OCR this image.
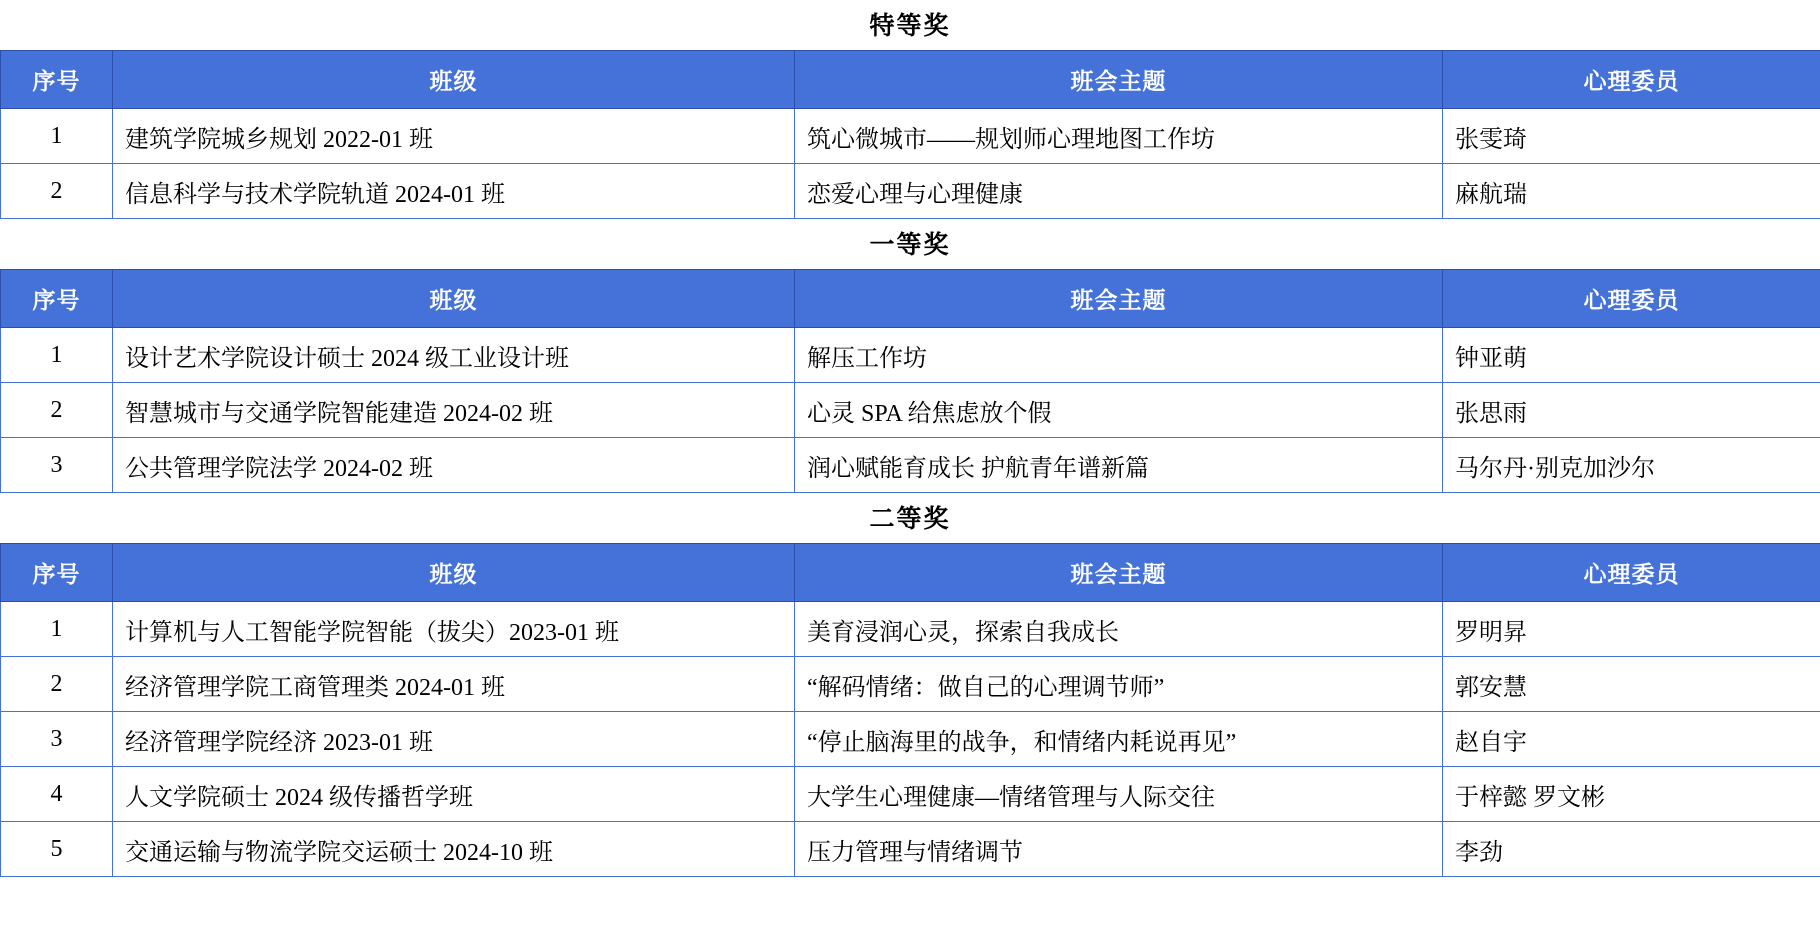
特等奖
序号	班级	班会主题	心理委员
1	建筑学院城乡规划 2022-01 班	筑心微城市——规划师心理地图工作坊	张雯琦
2	信息科学与技术学院轨道 2024-01 班	恋爱心理与心理健康	麻航瑞
一等奖
序号	班级	班会主题	心理委员
1	设计艺术学院设计硕士 2024 级工业设计班	解压工作坊	钟亚萌
2	智慧城市与交通学院智能建造 2024-02 班	心灵 SPA 给焦虑放个假	张思雨
3	公共管理学院法学 2024-02 班	润心赋能育成长 护航青年谱新篇	马尔丹·别克加沙尔
二等奖
序号	班级	班会主题	心理委员
1	计算机与人工智能学院智能（拔尖）2023-01 班	美育浸润心灵，探索自我成长	罗明昇
2	经济管理学院工商管理类 2024-01 班	“解码情绪：做自己的心理调节师”	郭安慧
3	经济管理学院经济 2023-01 班	“停止脑海里的战争，和情绪内耗说再见”	赵自宇
4	人文学院硕士 2024 级传播哲学班	大学生心理健康—情绪管理与人际交往	于梓懿 罗文彬
5	交通运输与物流学院交运硕士 2024-10 班	压力管理与情绪调节	李劲
